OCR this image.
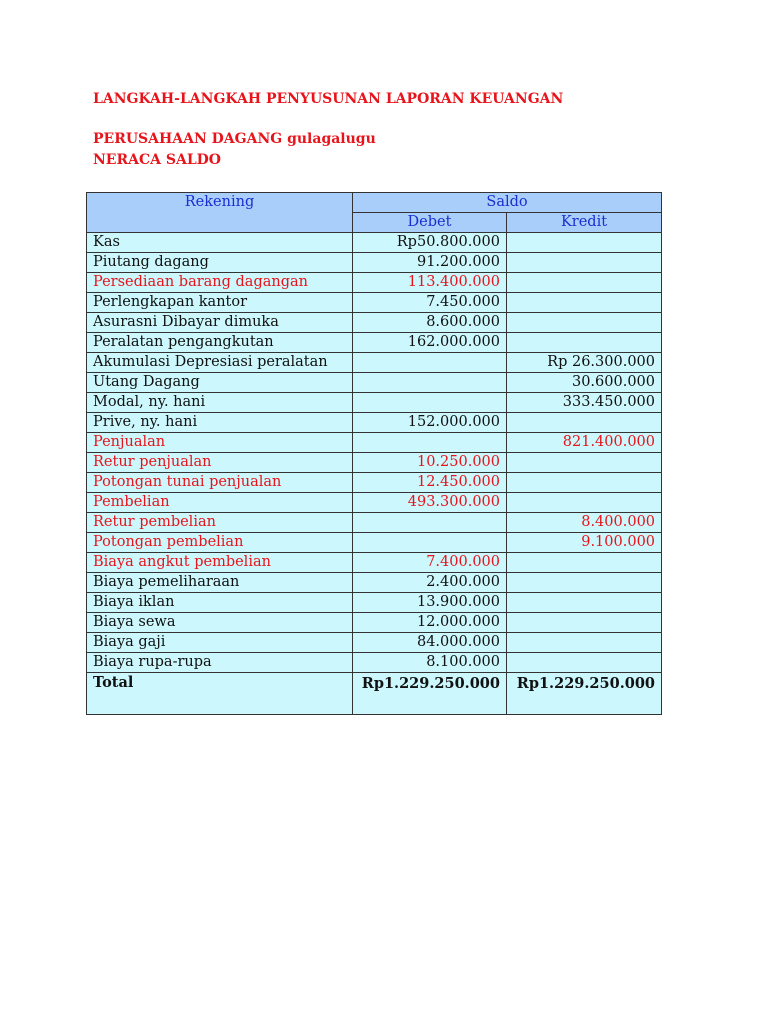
LANGKAH-LANGKAH PENYUSUNAN LAPORAN KEUANGAN
PERUSAHAAN DAGANG gulagalugu
NERACA SALDO
Rekening	Saldo	
	Debet	Kredit
Kas	Rp50.800.000	
Piutang dagang	91.200.000	
Persediaan barang dagangan	113.400.000	
Perlengkapan kantor	7.450.000	
Asurasni Dibayar dimuka	8.600.000	
Peralatan pengangkutan	162.000.000	
Akumulasi Depresiasi peralatan		Rp 26.300.000
Utang Dagang		30.600.000
Modal, ny. hani		333.450.000
Prive, ny. hani	152.000.000	
Penjualan		821.400.000
Retur penjualan	10.250.000	
Potongan tunai penjualan	12.450.000	
Pembelian	493.300.000	
Retur pembelian		8.400.000
Potongan pembelian		9.100.000
Biaya angkut pembelian	7.400.000	
Biaya pemeliharaan	2.400.000	
Biaya iklan	13.900.000	
Biaya sewa	12.000.000	
Biaya gaji	84.000.000	
Biaya rupa-rupa	8.100.000	
Total	Rp1.229.250.000	Rp1.229.250.000
